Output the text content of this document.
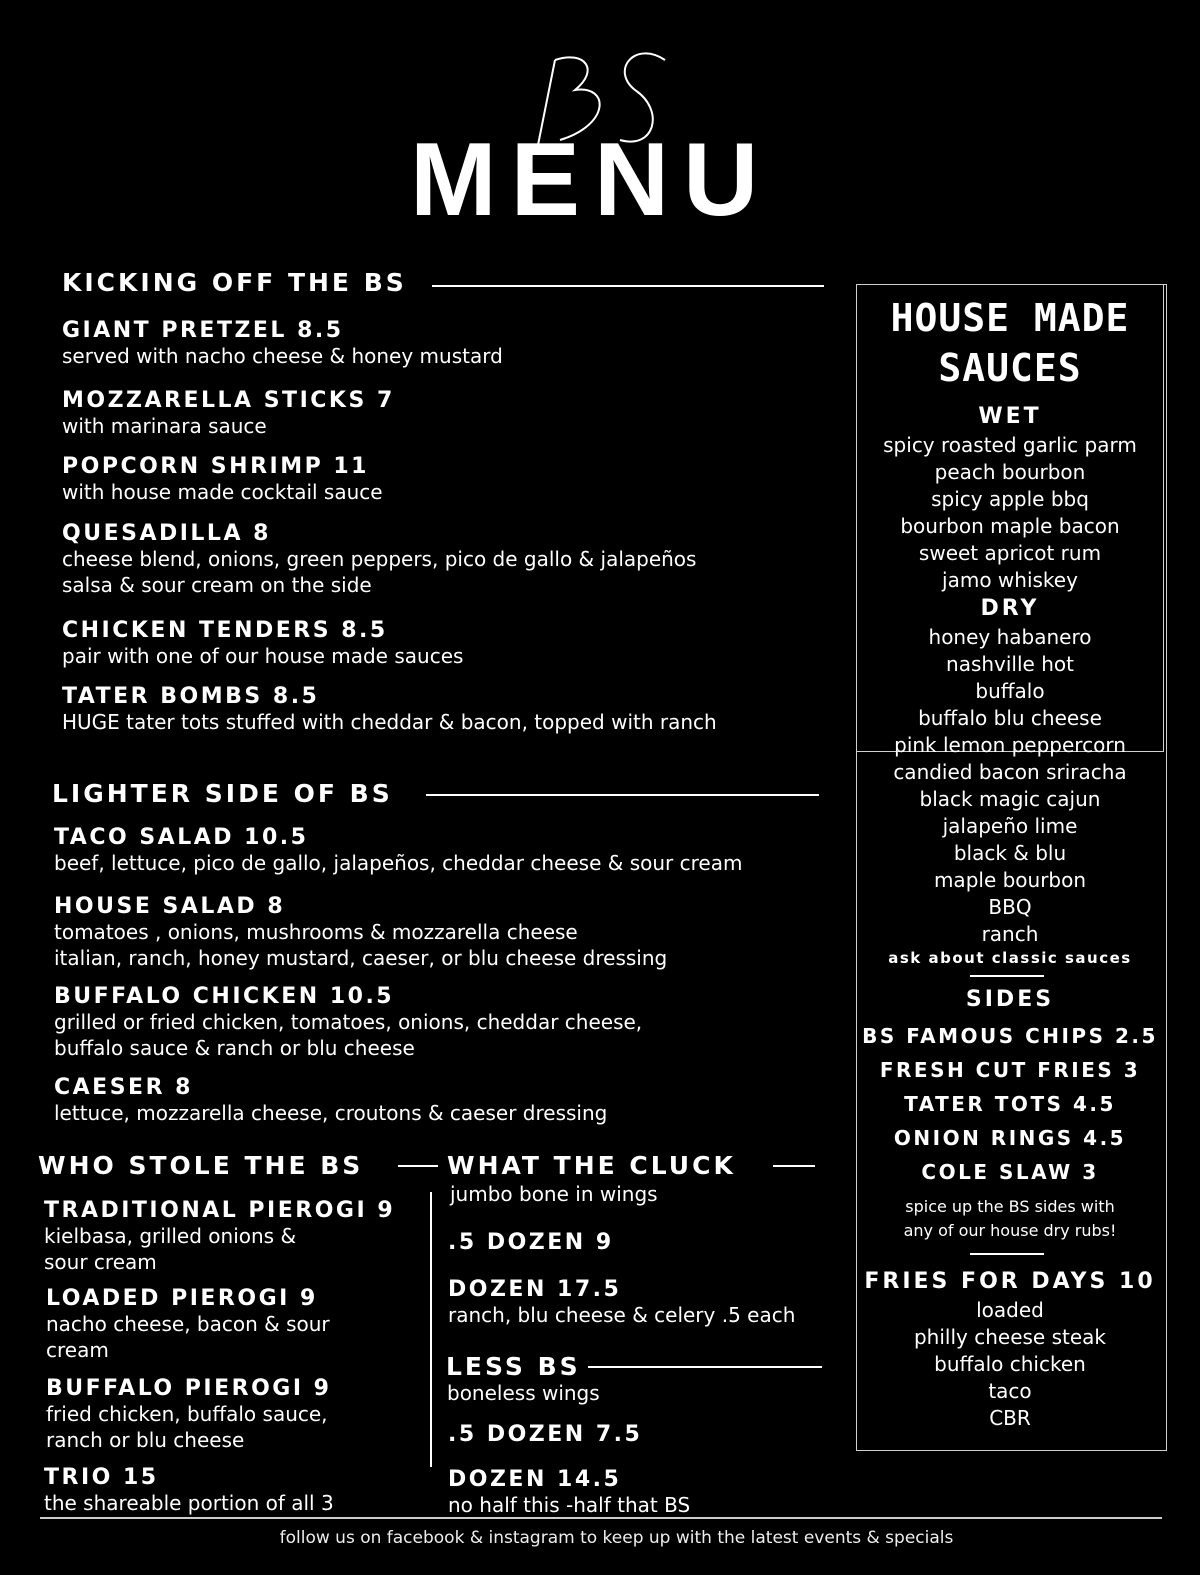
MENU
KICKING OFF THE BS
GIANT PRETZEL 8.5
served with nacho cheese & honey mustard
MOZZARELLA STICKS 7
with marinara sauce
POPCORN SHRIMP 11
with house made cocktail sauce
QUESADILLA 8
cheese blend, onions, green peppers, pico de gallo & jalapeños
salsa & sour cream on the side
CHICKEN TENDERS 8.5
pair with one of our house made sauces
TATER BOMBS 8.5
HUGE tater tots stuffed with cheddar & bacon, topped with ranch
LIGHTER SIDE OF BS
TACO SALAD 10.5
beef, lettuce, pico de gallo, jalapeños, cheddar cheese & sour cream
HOUSE SALAD 8
tomatoes , onions, mushrooms & mozzarella cheese
italian, ranch, honey mustard, caeser, or blu cheese dressing
BUFFALO CHICKEN 10.5
grilled or fried chicken, tomatoes, onions, cheddar cheese,
buffalo sauce & ranch or blu cheese
CAESER 8
lettuce, mozzarella cheese, croutons & caeser dressing
WHO STOLE THE BS
TRADITIONAL PIEROGI 9
kielbasa, grilled onions &
sour cream
LOADED PIEROGI 9
nacho cheese, bacon & sour
cream
BUFFALO PIEROGI 9
fried chicken, buffalo sauce,
ranch or blu cheese
TRIO 15
the shareable portion of all 3
WHAT THE CLUCK
jumbo bone in wings
.5 DOZEN 9
DOZEN 17.5
ranch, blu cheese & celery .5 each
LESS BS
boneless wings
.5 DOZEN 7.5
DOZEN 14.5
no half this -half that BS
HOUSE MADE
SAUCES
WET
spicy roasted garlic parm
peach bourbon
spicy apple bbq
bourbon maple bacon
sweet apricot rum
jamo whiskey
DRY
honey habanero
nashville hot
buffalo
buffalo blu cheese
pink lemon peppercorn
candied bacon sriracha
black magic cajun
jalapeño lime
black & blu
maple bourbon
BBQ
ranch
ask about classic sauces
SIDES
BS FAMOUS CHIPS 2.5
FRESH CUT FRIES 3
TATER TOTS 4.5
ONION RINGS 4.5
COLE SLAW 3
spice up the BS sides with
any of our house dry rubs!
FRIES FOR DAYS 10
loaded
philly cheese steak
buffalo chicken
taco
CBR
follow us on facebook & instagram to keep up with the latest events & specials
